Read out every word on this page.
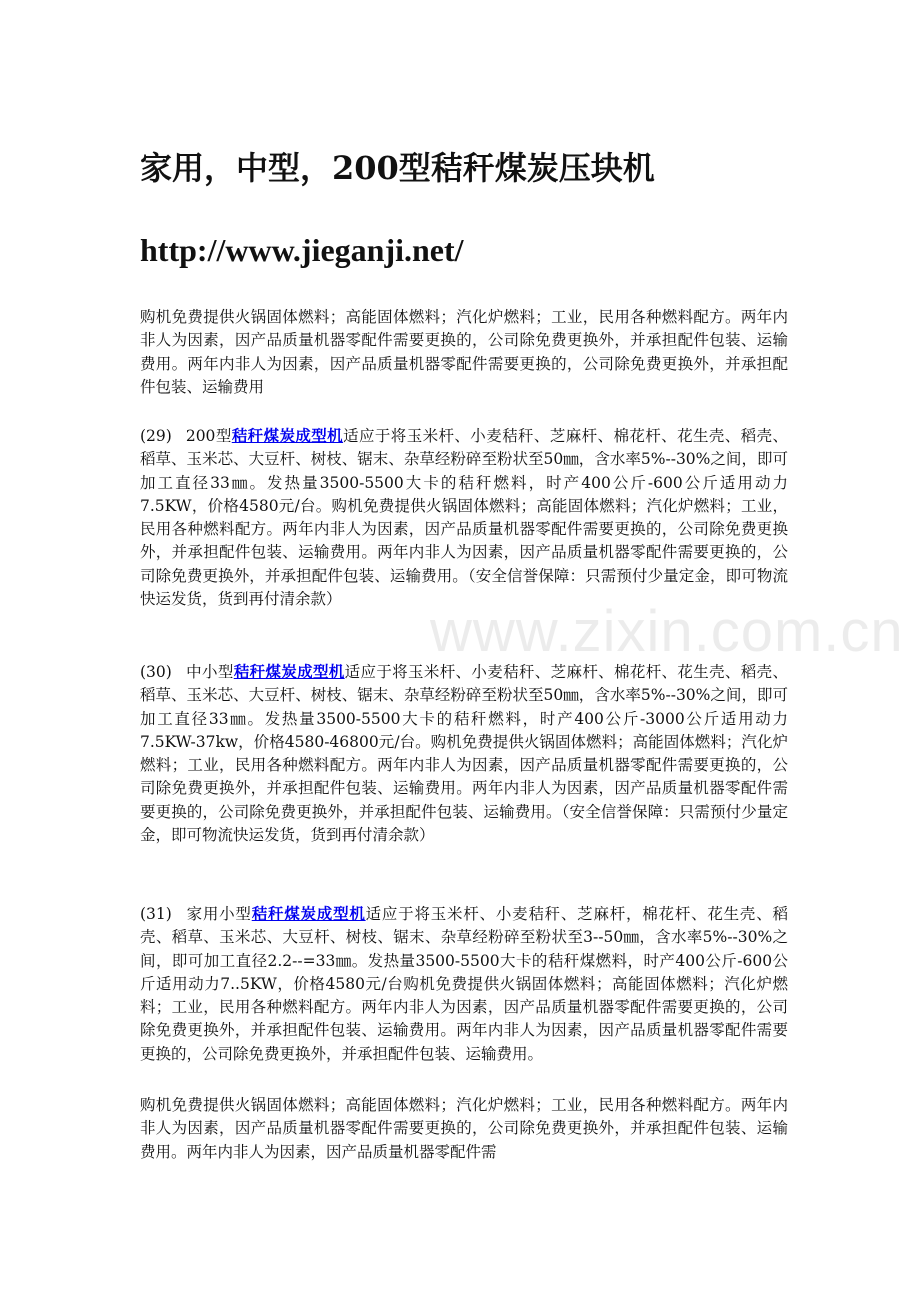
家用，中型，200型秸秆煤炭压块机
http://www.jieganji.net/

购机免费提供火锅固体燃料；高能固体燃料；汽化炉燃料；工业，民用各种燃料配方。两年内非人为因素，因产品质量机器零配件需要更换的，公司除免费更换外，并承担配件包装、运输费用。两年内非人为因素，因产品质量机器零配件需要更换的，公司除免费更换外，并承担配件包装、运输费用

(29) 200型秸秆煤炭成型机适应于将玉米杆、小麦秸秆、芝麻杆、棉花杆、花生壳、稻壳、稻草、玉米芯、大豆杆、树枝、锯末、杂草经粉碎至粉状至50㎜，含水率5%--30%之间，即可加工直径33㎜。发热量3500-5500大卡的秸秆燃料，时产400公斤-600公斤适用动力7.5KW，价格4580元/台。购机免费提供火锅固体燃料；高能固体燃料；汽化炉燃料；工业，民用各种燃料配方。两年内非人为因素，因产品质量机器零配件需要更换的，公司除免费更换外，并承担配件包装、运输费用。两年内非人为因素，因产品质量机器零配件需要更换的，公司除免费更换外，并承担配件包装、运输费用。（安全信誉保障：只需预付少量定金，即可物流快运发货，货到再付清余款）

(30) 中小型秸秆煤炭成型机适应于将玉米杆、小麦秸秆、芝麻杆、棉花杆、花生壳、稻壳、稻草、玉米芯、大豆杆、树枝、锯末、杂草经粉碎至粉状至50㎜，含水率5%--30%之间，即可加工直径33㎜。发热量3500-5500大卡的秸秆燃料，时产400公斤-3000公斤适用动力7.5KW-37kw，价格4580-46800元/台。购机免费提供火锅固体燃料；高能固体燃料；汽化炉燃料；工业，民用各种燃料配方。两年内非人为因素，因产品质量机器零配件需要更换的，公司除免费更换外，并承担配件包装、运输费用。两年内非人为因素，因产品质量机器零配件需要更换的，公司除免费更换外，并承担配件包装、运输费用。（安全信誉保障：只需预付少量定金，即可物流快运发货，货到再付清余款）

(31) 家用小型秸秆煤炭成型机适应于将玉米杆、小麦秸秆、芝麻杆，棉花杆、花生壳、稻壳、稻草、玉米芯、大豆杆、树枝、锯末、杂草经粉碎至粉状至3--50㎜，含水率5%--30%之间，即可加工直径2.2--=33㎜。发热量3500-5500大卡的秸秆煤燃料，时产400公斤-600公斤适用动力7..5KW，价格4580元/台购机免费提供火锅固体燃料；高能固体燃料；汽化炉燃料；工业，民用各种燃料配方。两年内非人为因素，因产品质量机器零配件需要更换的，公司除免费更换外，并承担配件包装、运输费用。两年内非人为因素，因产品质量机器零配件需要更换的，公司除免费更换外，并承担配件包装、运输费用。

购机免费提供火锅固体燃料；高能固体燃料；汽化炉燃料；工业，民用各种燃料配方。两年内非人为因素，因产品质量机器零配件需要更换的，公司除免费更换外，并承担配件包装、运输费用。两年内非人为因素，因产品质量机器零配件需

www.zixin.com.cn
